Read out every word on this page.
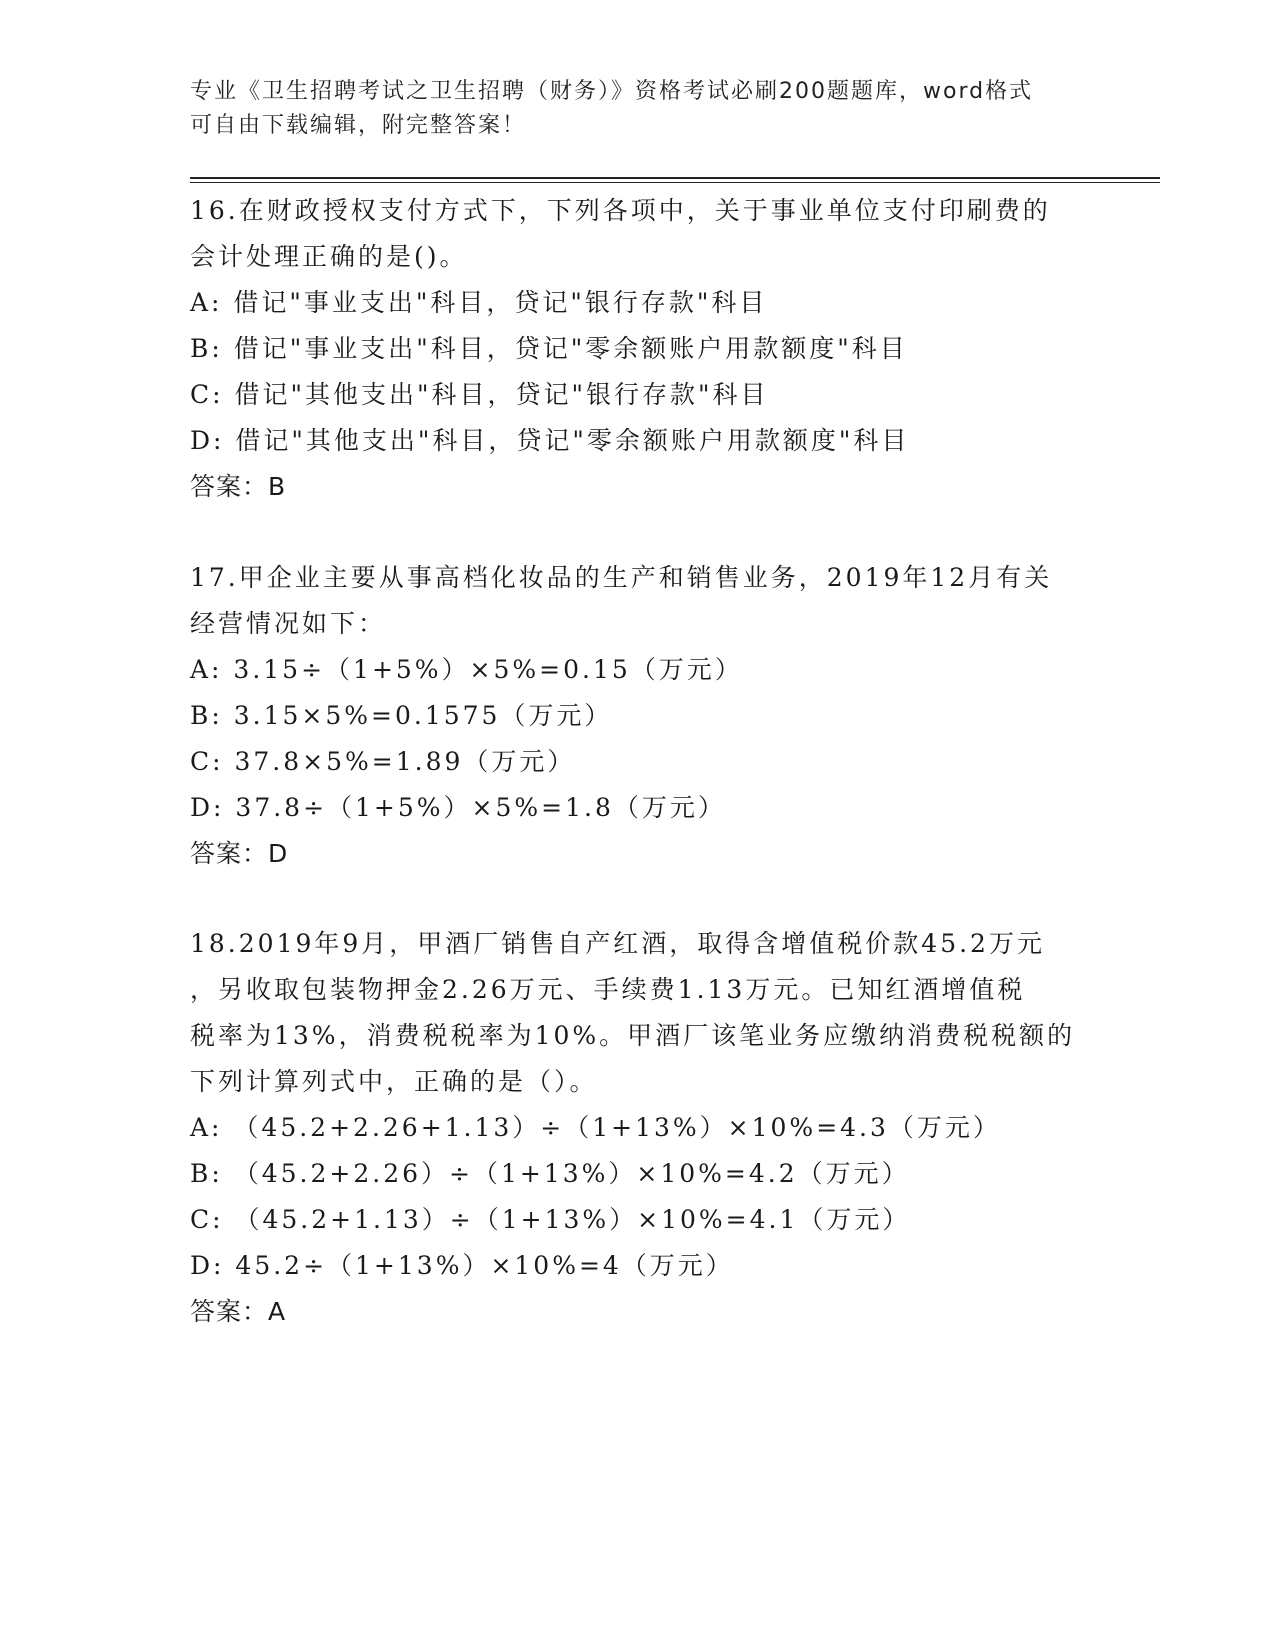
专业《卫生招聘考试之卫生招聘（财务）》资格考试必刷200题题库，word格式
可自由下载编辑，附完整答案！
16.在财政授权支付方式下，下列各项中，关于事业单位支付印刷费的
会计处理正确的是()。
A: 借记"事业支出"科目，贷记"银行存款"科目
B: 借记"事业支出"科目，贷记"零余额账户用款额度"科目
C: 借记"其他支出"科目，贷记"银行存款"科目
D: 借记"其他支出"科目，贷记"零余额账户用款额度"科目
答案：B
17.甲企业主要从事高档化妆品的生产和销售业务，2019年12月有关
经营情况如下：
A: 3.15÷（1+5%）×5%=0.15（万元）
B: 3.15×5%=0.1575（万元）
C: 37.8×5%=1.89（万元）
D: 37.8÷（1+5%）×5%=1.8（万元）
答案：D
18.2019年9月，甲酒厂销售自产红酒，取得含增值税价款45.2万元
，另收取包装物押金2.26万元、手续费1.13万元。已知红酒增值税
税率为13%，消费税税率为10%。甲酒厂该笔业务应缴纳消费税税额的
下列计算列式中，正确的是（）。
A: （45.2+2.26+1.13）÷（1+13%）×10%=4.3（万元）
B: （45.2+2.26）÷（1+13%）×10%=4.2（万元）
C: （45.2+1.13）÷（1+13%）×10%=4.1（万元）
D: 45.2÷（1+13%）×10%=4（万元）
答案：A
